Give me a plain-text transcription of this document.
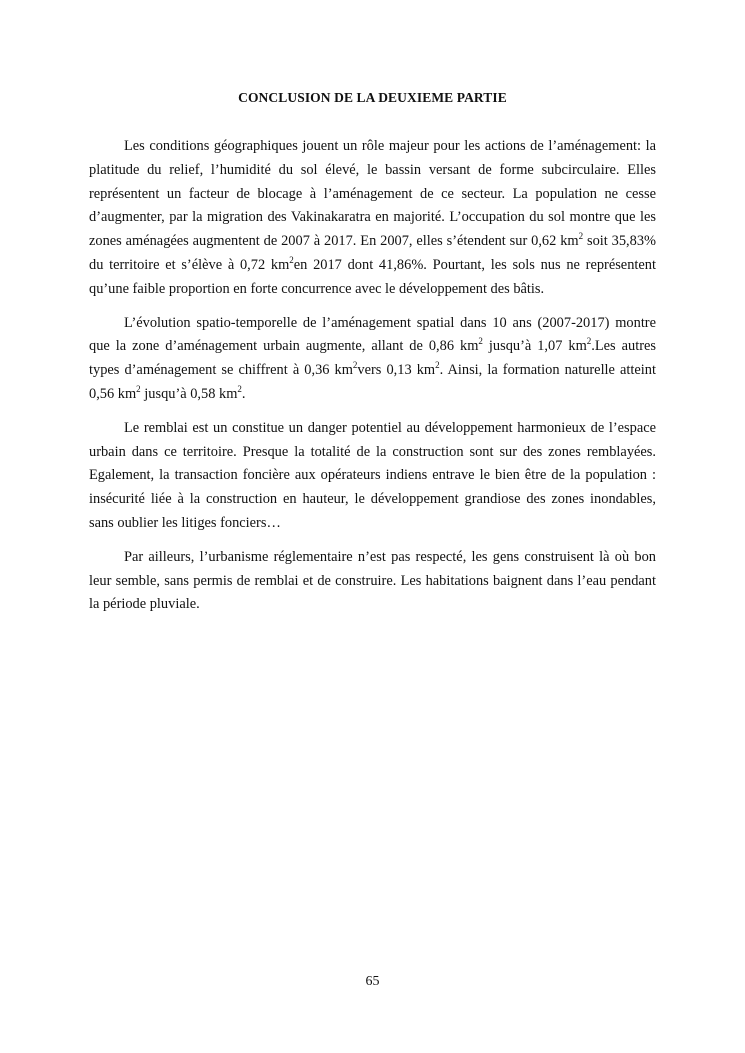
CONCLUSION DE LA DEUXIEME PARTIE

Les conditions géographiques jouent un rôle majeur pour les actions de l’aménagement: la platitude du relief, l’humidité du sol élevé, le bassin versant de forme subcirculaire. Elles représentent un facteur de blocage à l’aménagement de ce secteur. La population ne cesse d’augmenter, par la migration des Vakinakaratra en majorité. L’occupation du sol montre que les zones aménagées augmentent de 2007 à 2017. En 2007, elles s’étendent sur 0,62 $km^2$ soit 35,83% du territoire et s’élève à 0,72 $km^2en$ 2017 dont 41,86%. Pourtant, les sols nus ne représentent qu’une faible proportion en forte concurrence avec le développement des bâtis.

L’évolution spatio-temporelle de l’aménagement spatial dans 10 ans (2007-2017) montre que la zone d’aménagement urbain augmente, allant de 0,86 $km^2$ jusqu’à 1,07 $km^2.Les$ autres types d’aménagement se chiffrent à 0,36 $km^2vers$ 0,13 $km^2$. Ainsi, la formation naturelle atteint 0,56 $km^2$ jusqu’à 0,58 $km^2$.

Le remblai est un constitue un danger potentiel au développement harmonieux de l’espace urbain dans ce territoire. Presque la totalité de la construction sont sur des zones remblayées. Egalement, la transaction foncière aux opérateurs indiens entrave le bien être de la population : insécurité liée à la construction en hauteur, le développement grandiose des zones inondables, sans oublier les litiges fonciers…

Par ailleurs, l’urbanisme réglementaire n’est pas respecté, les gens construisent là où bon leur semble, sans permis de remblai et de construire. Les habitations baignent dans l’eau pendant la période pluviale.

65
